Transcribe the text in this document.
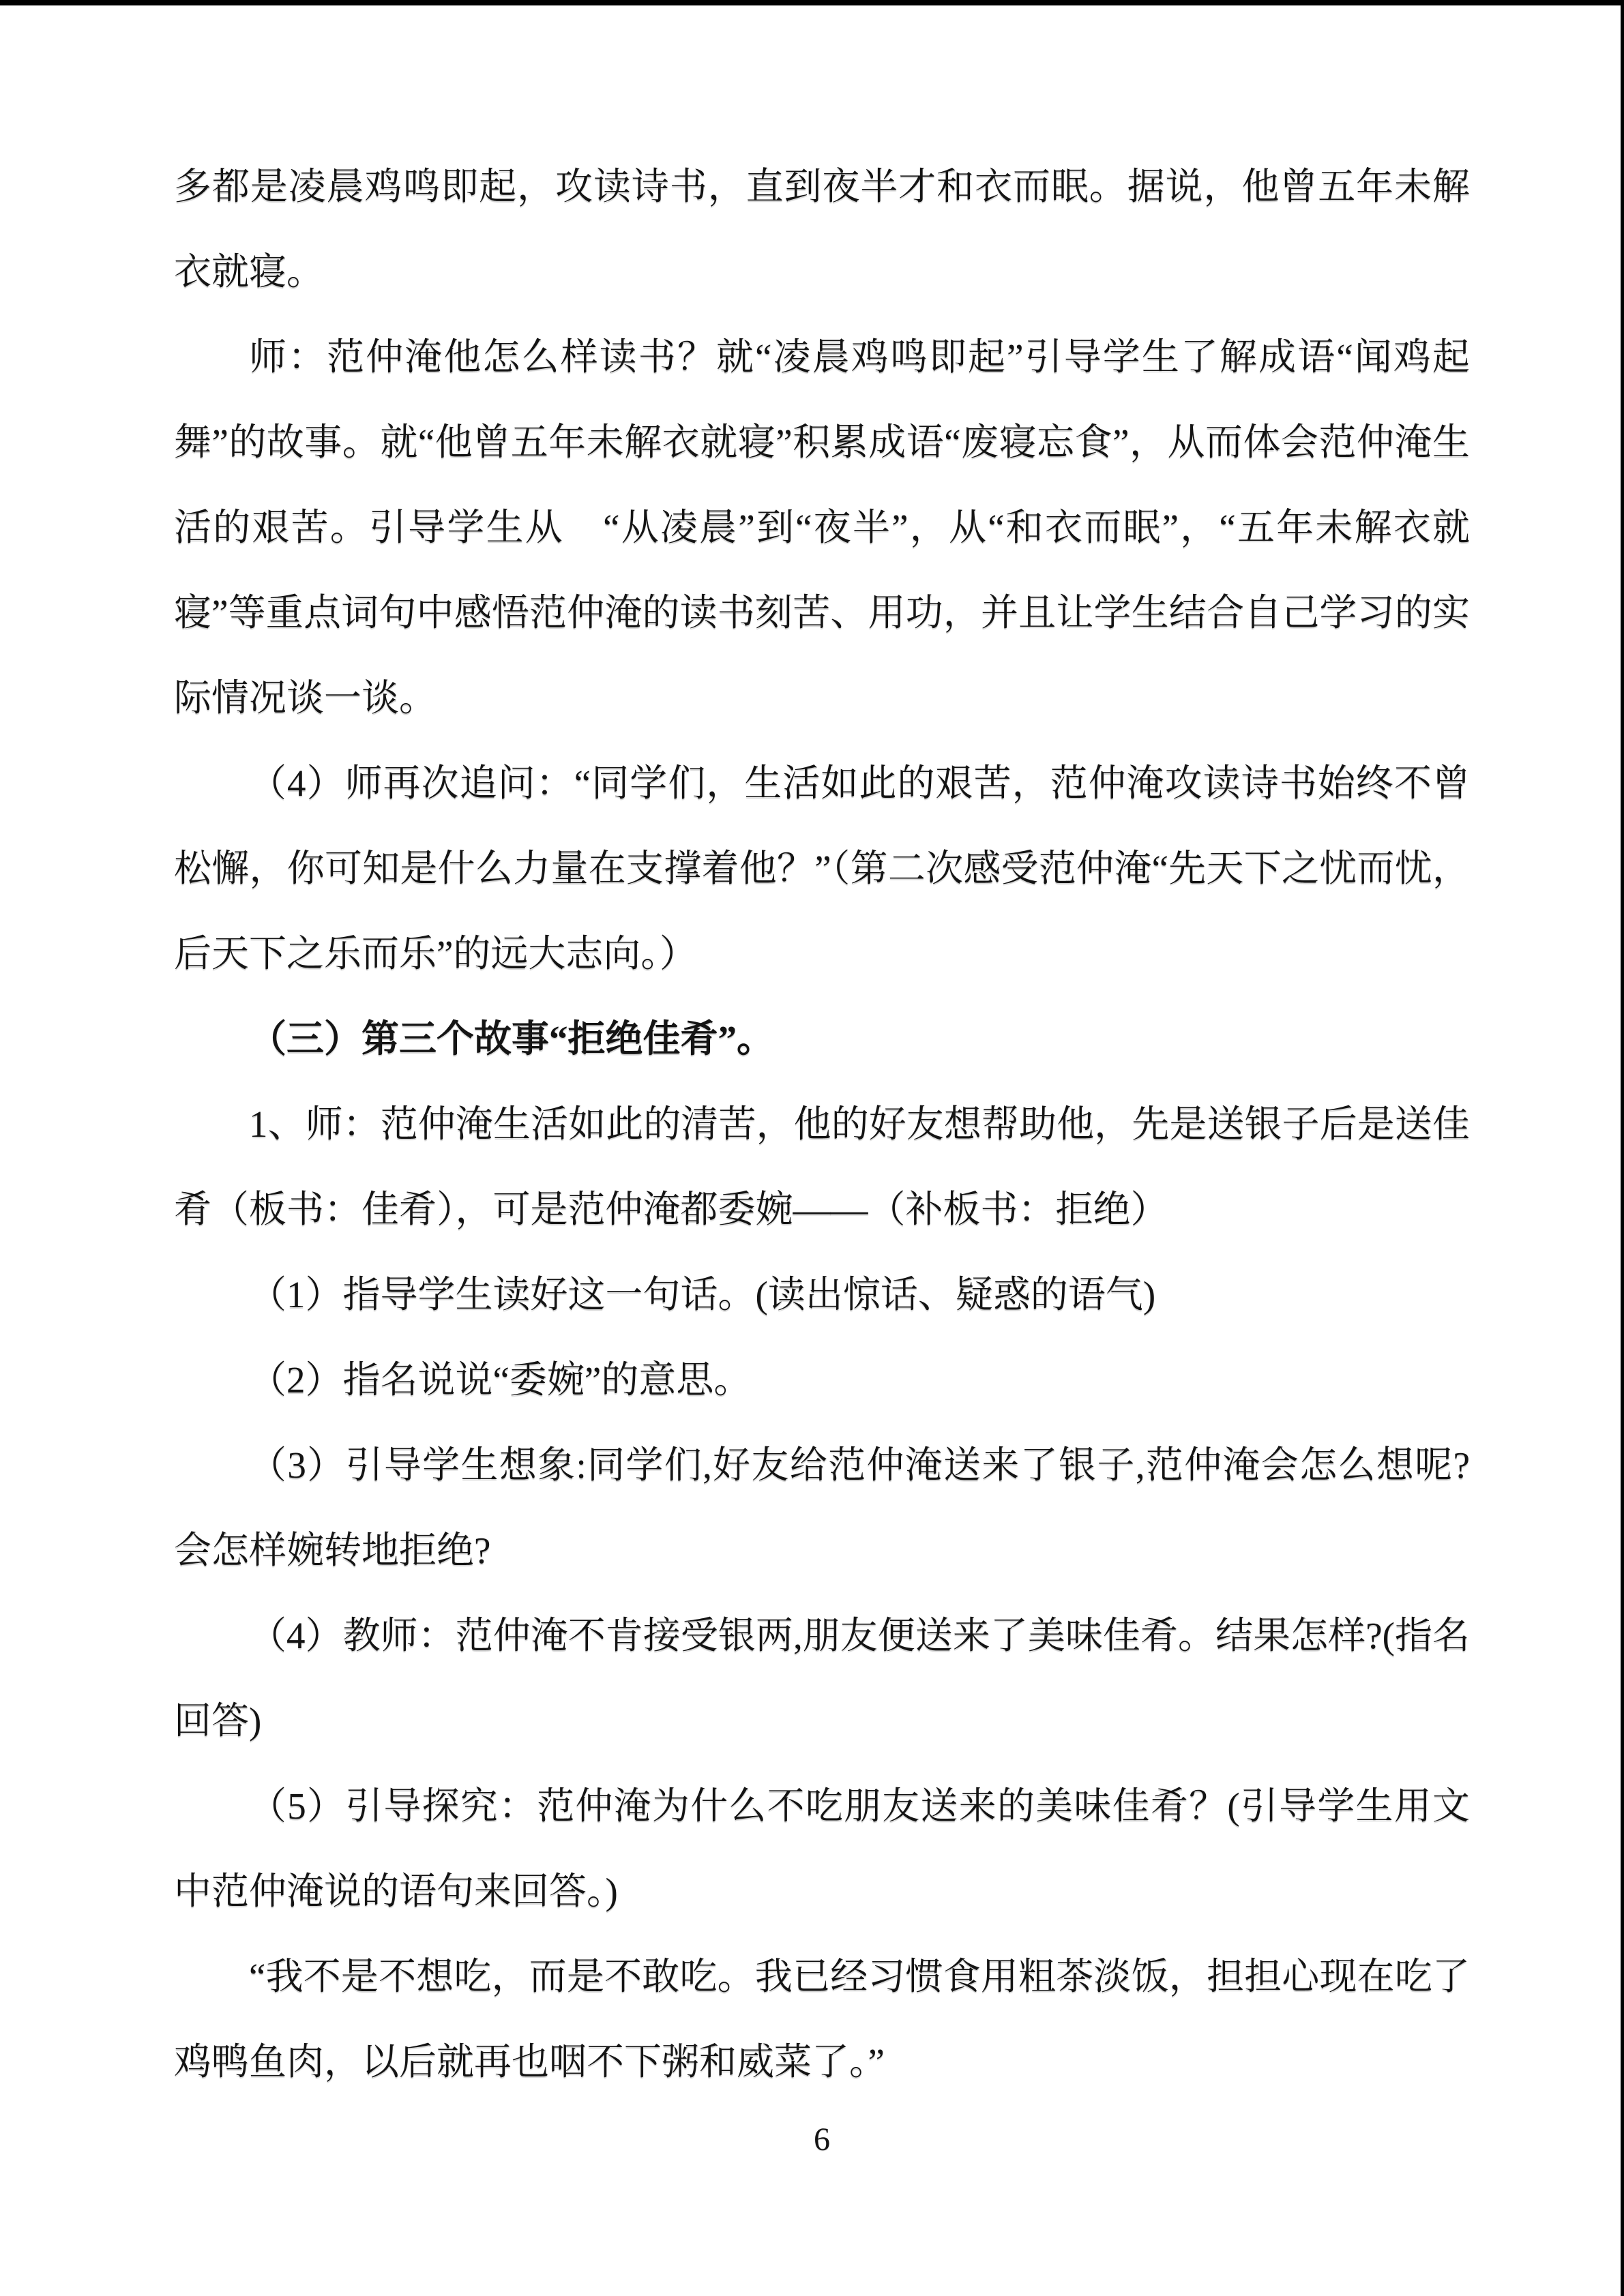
多都是凌晨鸡鸣即起，攻读诗书，直到夜半才和衣而眠。据说，他曾五年未解衣就寝。

师：范仲淹他怎么样读书？就“凌晨鸡鸣即起”引导学生了解成语“闻鸡起舞”的故事。就“他曾五年未解衣就寝”积累成语“废寝忘食”，从而体会范仲淹生活的艰苦。引导学生从　“从凌晨”到“夜半”，从“和衣而眠”，“五年未解衣就寝”等重点词句中感悟范仲淹的读书刻苦、用功，并且让学生结合自己学习的实际情况谈一谈。

（4）师再次追问：“同学们，生活如此的艰苦，范仲淹攻读诗书始终不曾松懈，你可知是什么力量在支撑着他？”（第二次感受范仲淹“先天下之忧而忧，后天下之乐而乐”的远大志向。）

（三）第三个故事“拒绝佳肴”。

1、师：范仲淹生活如此的清苦，他的好友想帮助他，先是送银子后是送佳肴（板书：佳肴），可是范仲淹都委婉——（补板书：拒绝）

（1）指导学生读好这一句话。(读出惊话、疑惑的语气)

（2）指名说说“委婉”的意思。

（3）引导学生想象:同学们,好友给范仲淹送来了银子,范仲淹会怎么想呢?会怎样婉转地拒绝?

（4）教师：范仲淹不肯接受银两,朋友便送来了美味佳肴。结果怎样?(指名回答)

（5）引导探究：范仲淹为什么不吃朋友送来的美味佳肴？(引导学生用文中范仲淹说的语句来回答。)

“我不是不想吃，而是不敢吃。我已经习惯食用粗茶淡饭，担担心现在吃了鸡鸭鱼肉，以后就再也咽不下粥和威菜了。”

6
